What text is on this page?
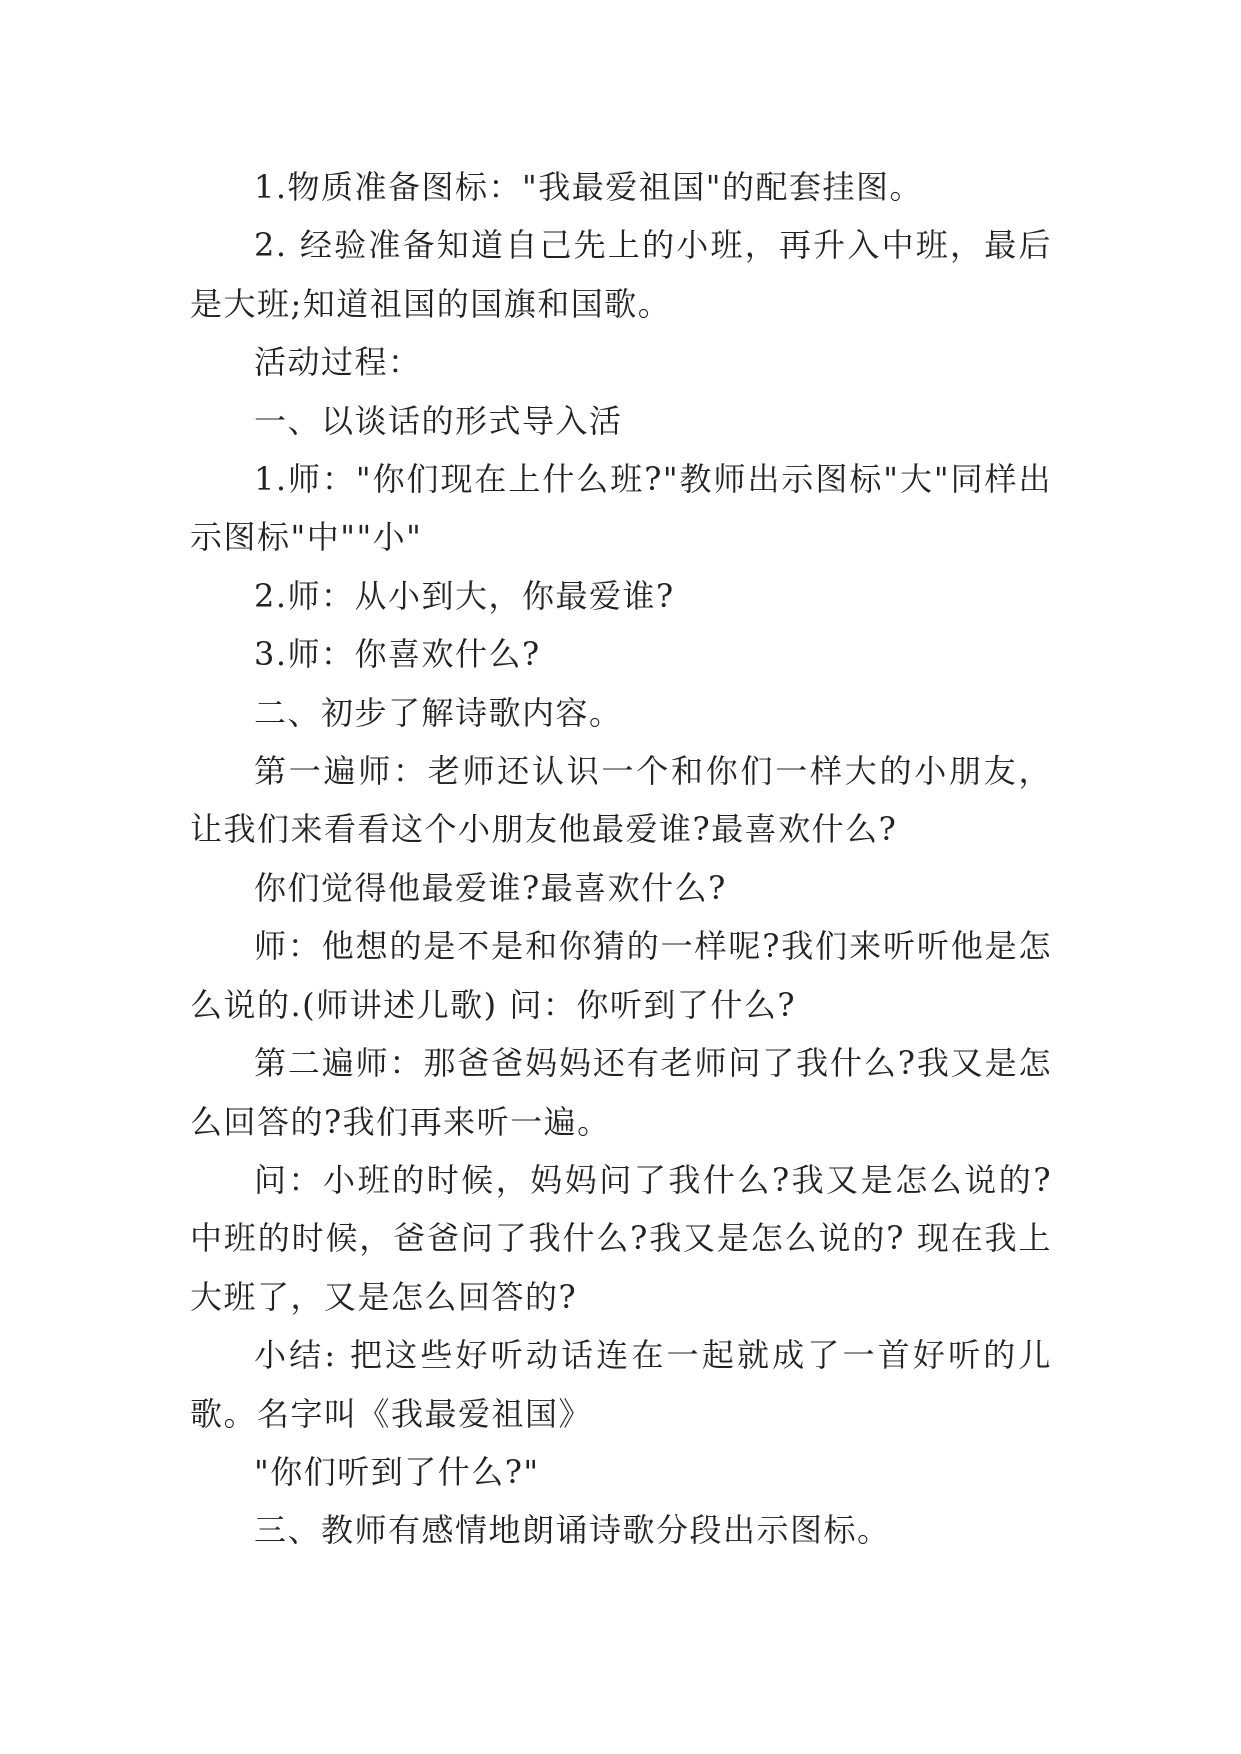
1.物质准备图标："我最爱祖国"的配套挂图。

2. 经验准备知道自己先上的小班，再升入中班，最后是大班;知道祖国的国旗和国歌。

活动过程：

一、以谈话的形式导入活

1.师："你们现在上什么班?"教师出示图标"大"同样出示图标"中""小"

2.师：从小到大，你最爱谁?

3.师：你喜欢什么?

二、初步了解诗歌内容。

第一遍师：老师还认识一个和你们一样大的小朋友，让我们来看看这个小朋友他最爱谁?最喜欢什么?

你们觉得他最爱谁?最喜欢什么?

师：他想的是不是和你猜的一样呢?我们来听听他是怎么说的.(师讲述儿歌) 问：你听到了什么?

第二遍师：那爸爸妈妈还有老师问了我什么?我又是怎么回答的?我们再来听一遍。

问：小班的时候，妈妈问了我什么?我又是怎么说的?中班的时候，爸爸问了我什么?我又是怎么说的? 现在我上大班了，又是怎么回答的?

小结: 把这些好听动话连在一起就成了一首好听的儿歌。名字叫《我最爱祖国》

"你们听到了什么?"

三、教师有感情地朗诵诗歌分段出示图标。
